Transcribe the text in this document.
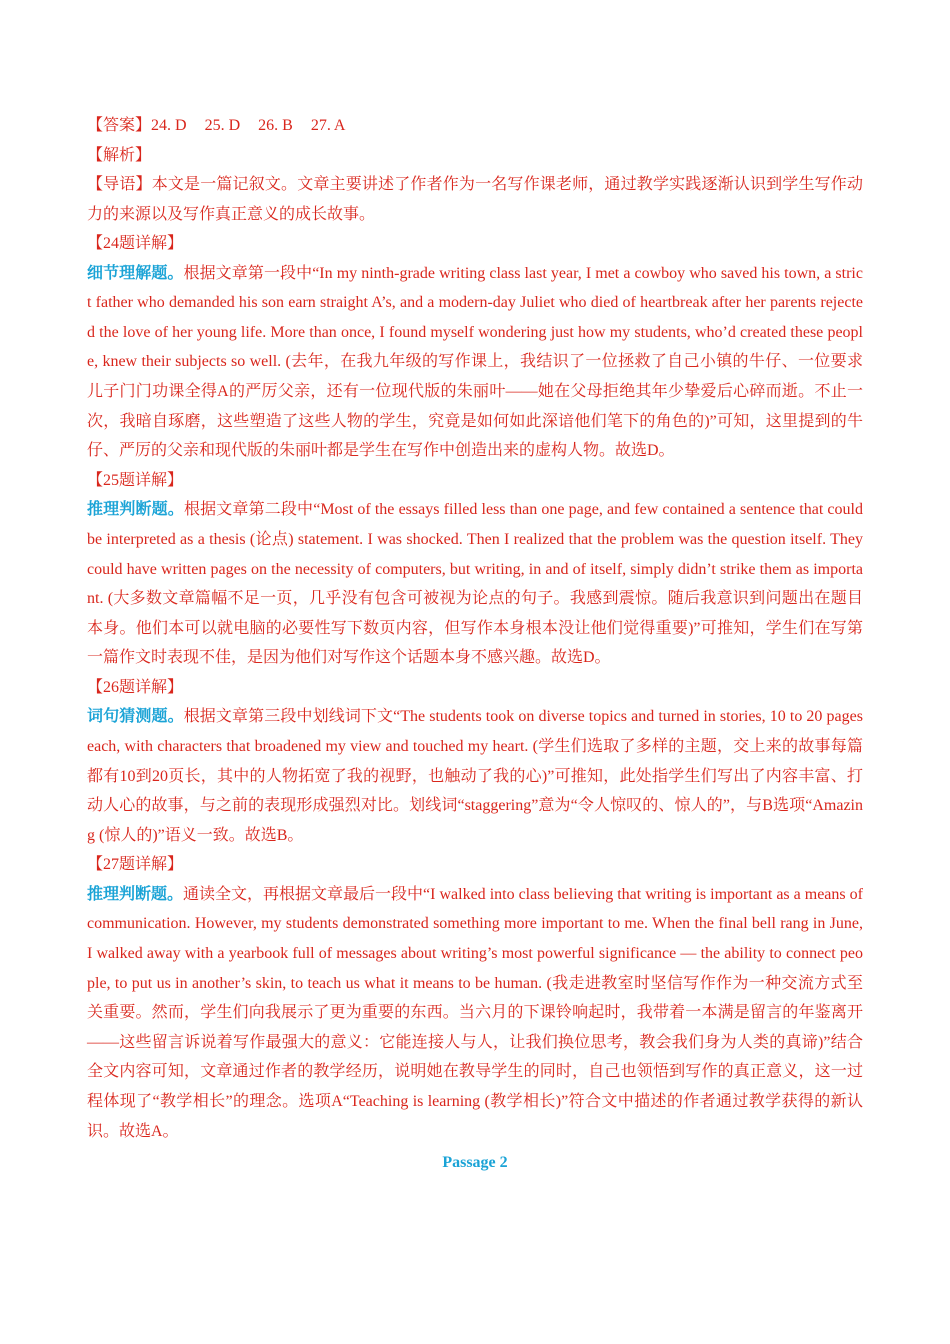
【答案】24. D 25. D 26. B 27. A

【解析】

【导语】本文是一篇记叙文。文章主要讲述了作者作为一名写作课老师，通过教学实践逐渐认识到学生写作动力的来源以及写作真正意义的成长故事。

【24题详解】

细节理解题。根据文章第一段中“In my ninth-grade writing class last year, I met a cowboy who saved his town, a strict father who demanded his son earn straight A’s, and a modern-day Juliet who died of heartbreak after her parents rejected the love of her young life. More than once, I found myself wondering just how my students, who’d created these people, knew their subjects so well. (去年，在我九年级的写作课上，我结识了一位拯救了自己小镇的牛仔、一位要求儿子门门功课全得A的严厉父亲，还有一位现代版的朱丽叶——她在父母拒绝其年少挚爱后心碎而逝。不止一次，我暗自琢磨，这些塑造了这些人物的学生，究竟是如何如此深谙他们笔下的角色的)”可知，这里提到的牛仔、严厉的父亲和现代版的朱丽叶都是学生在写作中创造出来的虚构人物。故选D。

【25题详解】

推理判断题。根据文章第二段中“Most of the essays filled less than one page, and few contained a sentence that could be interpreted as a thesis (论点) statement. I was shocked. Then I realized that the problem was the question itself. They could have written pages on the necessity of computers, but writing, in and of itself, simply didn’t strike them as important. (大多数文章篇幅不足一页，几乎没有包含可被视为论点的句子。我感到震惊。随后我意识到问题出在题目本身。他们本可以就电脑的必要性写下数页内容，但写作本身根本没让他们觉得重要)”可推知，学生们在写第一篇作文时表现不佳，是因为他们对写作这个话题本身不感兴趣。故选D。

【26题详解】

词句猜测题。根据文章第三段中划线词下文“The students took on diverse topics and turned in stories, 10 to 20 pages each, with characters that broadened my view and touched my heart. (学生们选取了多样的主题，交上来的故事每篇都有10到20页长，其中的人物拓宽了我的视野，也触动了我的心)”可推知，此处指学生们写出了内容丰富、打动人心的故事，与之前的表现形成强烈对比。划线词“staggering”意为“令人惊叹的、惊人的”，与B选项“Amazing (惊人的)”语义一致。故选B。

【27题详解】

推理判断题。通读全文，再根据文章最后一段中“I walked into class believing that writing is important as a means of communication. However, my students demonstrated something more important to me. When the final bell rang in June, I walked away with a yearbook full of messages about writing’s most powerful significance — the ability to connect people, to put us in another’s skin, to teach us what it means to be human. (我走进教室时坚信写作作为一种交流方式至关重要。然而，学生们向我展示了更为重要的东西。当六月的下课铃响起时，我带着一本满是留言的年鉴离开——这些留言诉说着写作最强大的意义：它能连接人与人，让我们换位思考，教会我们身为人类的真谛)”结合全文内容可知，文章通过作者的教学经历，说明她在教导学生的同时，自己也领悟到写作的真正意义，这一过程体现了“教学相长”的理念。选项A“Teaching is learning (教学相长)”符合文中描述的作者通过教学获得的新认识。故选A。

Passage 2
